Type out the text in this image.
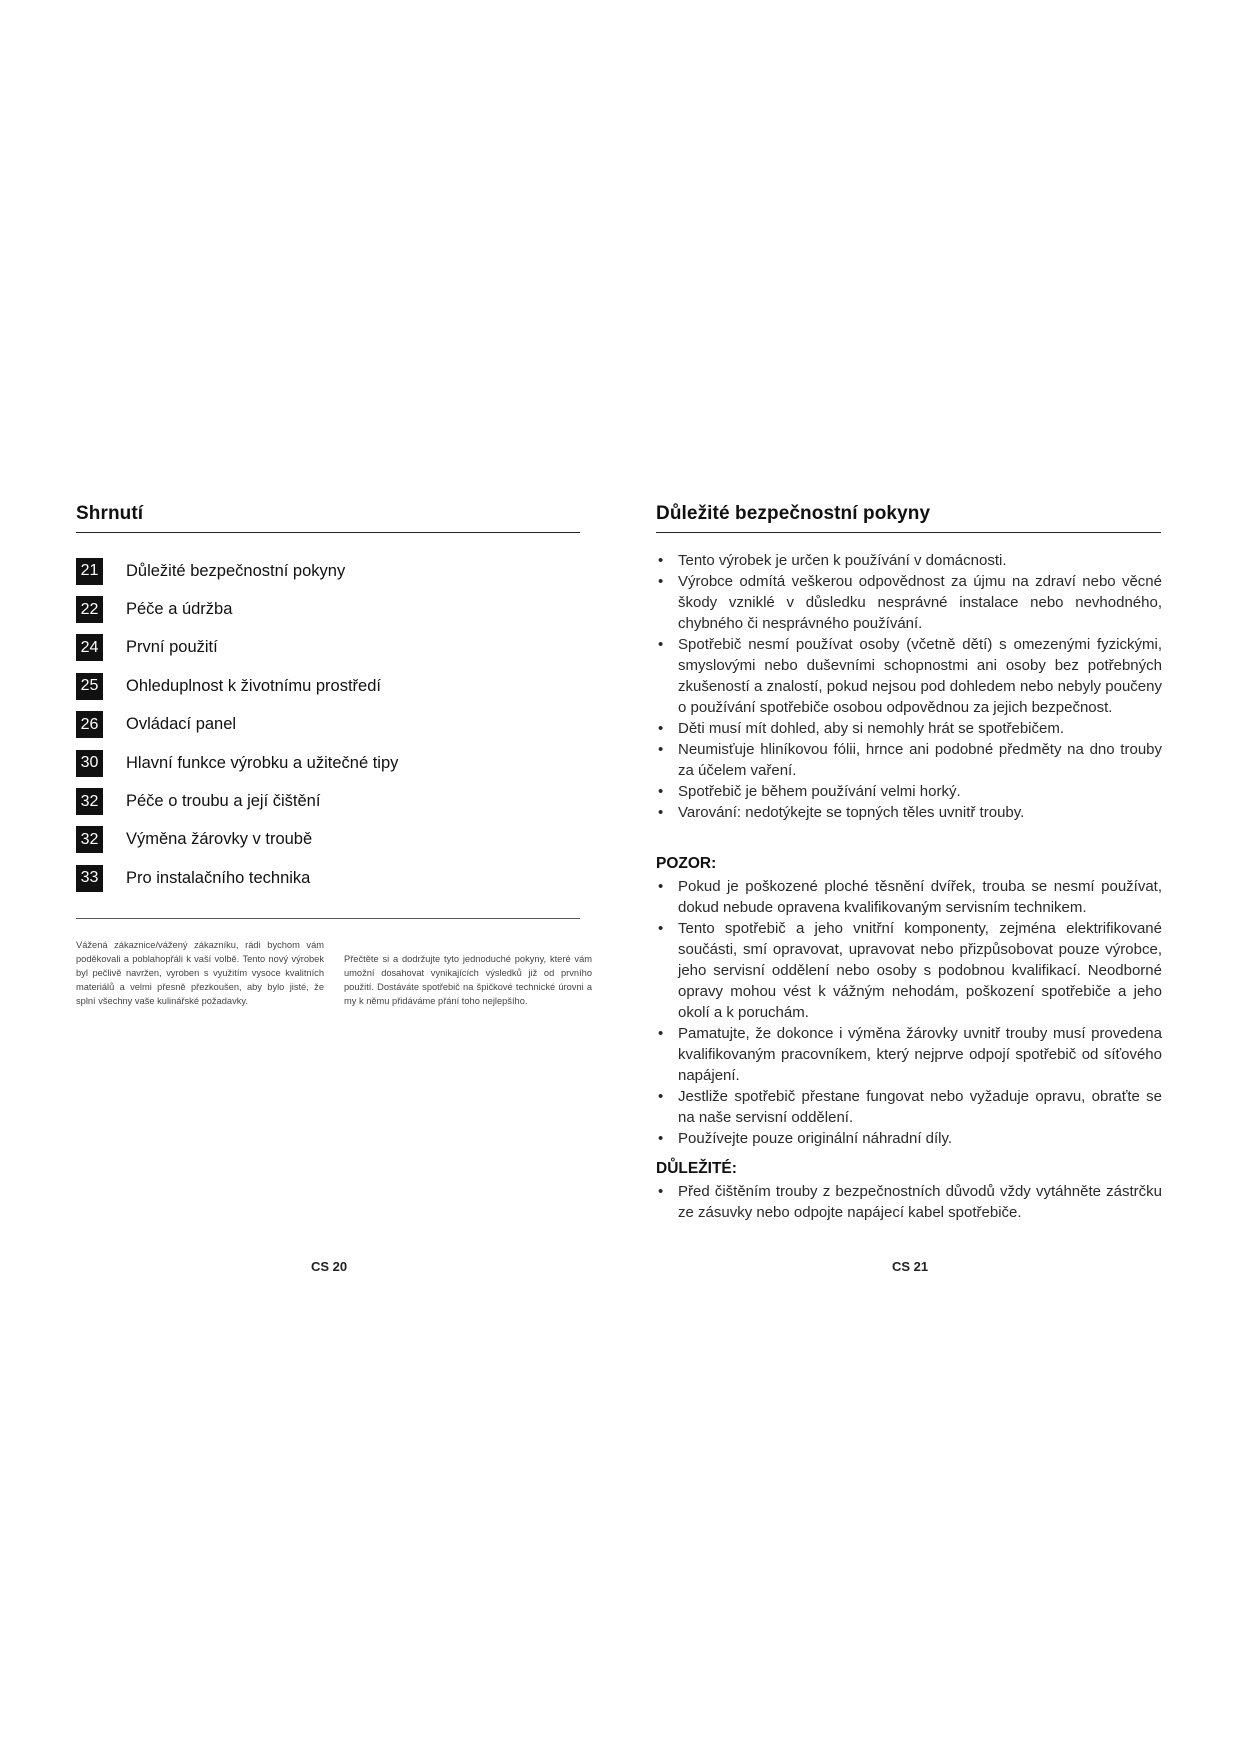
Shrnutí
21 Důležité bezpečnostní pokyny
22 Péče a údržba
24 První použití
25 Ohleduplnost k životnímu prostředí
26 Ovládací panel
30 Hlavní funkce výrobku a užitečné tipy
32 Péče o troubu a její čištění
32 Výměna žárovky v troubě
33 Pro instalačního technika

Vážená zákaznice/vážený zákazníku, rádi bychom vám poděkovali a poblahopřáli k vaší volbě. Tento nový výrobek byl pečlivě navržen, vyroben s využitím vysoce kvalitních materiálů a velmi přesně přezkoušen, aby bylo jisté, že splní všechny vaše kulinářské požadavky.

Přečtěte si a dodržujte tyto jednoduché pokyny, které vám umožní dosahovat vynikajících výsledků již od prvního použití. Dostáváte spotřebič na špičkové technické úrovni a my k němu přidáváme přání toho nejlepšího.

CS 20
Důležité bezpečnostní pokyny
• Tento výrobek je určen k používání v domácnosti.
• Výrobce odmítá veškerou odpovědnost za újmu na zdraví nebo věcné škody vzniklé v důsledku nesprávné instalace nebo nevhodného, chybného či nesprávného používání.
• Spotřebič nesmí používat osoby (včetně dětí) s omezenými fyzickými, smyslovými nebo duševními schopnostmi ani osoby bez potřebných zkušeností a znalostí, pokud nejsou pod dohledem nebo nebyly poučeny o používání spotřebiče osobou odpovědnou za jejich bezpečnost.
• Děti musí mít dohled, aby si nemohly hrát se spotřebičem.
• Neumisťuje hliníkovou fólii, hrnce ani podobné předměty na dno trouby za účelem vaření.
• Spotřebič je během používání velmi horký.
• Varování: nedotýkejte se topných těles uvnitř trouby.
POZOR:
• Pokud je poškozené ploché těsnění dvířek, trouba se nesmí používat, dokud nebude opravena kvalifikovaným servisním technikem.
• Tento spotřebič a jeho vnitřní komponenty, zejména elektrifikované součásti, smí opravovat, upravovat nebo přizpůsobovat pouze výrobce, jeho servisní oddělení nebo osoby s podobnou kvalifikací. Neodborné opravy mohou vést k vážným nehodám, poškození spotřebiče a jeho okolí a k poruchám.
• Pamatujte, že dokonce i výměna žárovky uvnitř trouby musí provedena kvalifikovaným pracovníkem, který nejprve odpojí spotřebič od síťového napájení.
• Jestliže spotřebič přestane fungovat nebo vyžaduje opravu, obraťte se na naše servisní oddělení.
• Používejte pouze originální náhradní díly.
DŮLEŽITÉ:
• Před čištěním trouby z bezpečnostních důvodů vždy vytáhněte zástrčku ze zásuvky nebo odpojte napájecí kabel spotřebiče.
CS 21
